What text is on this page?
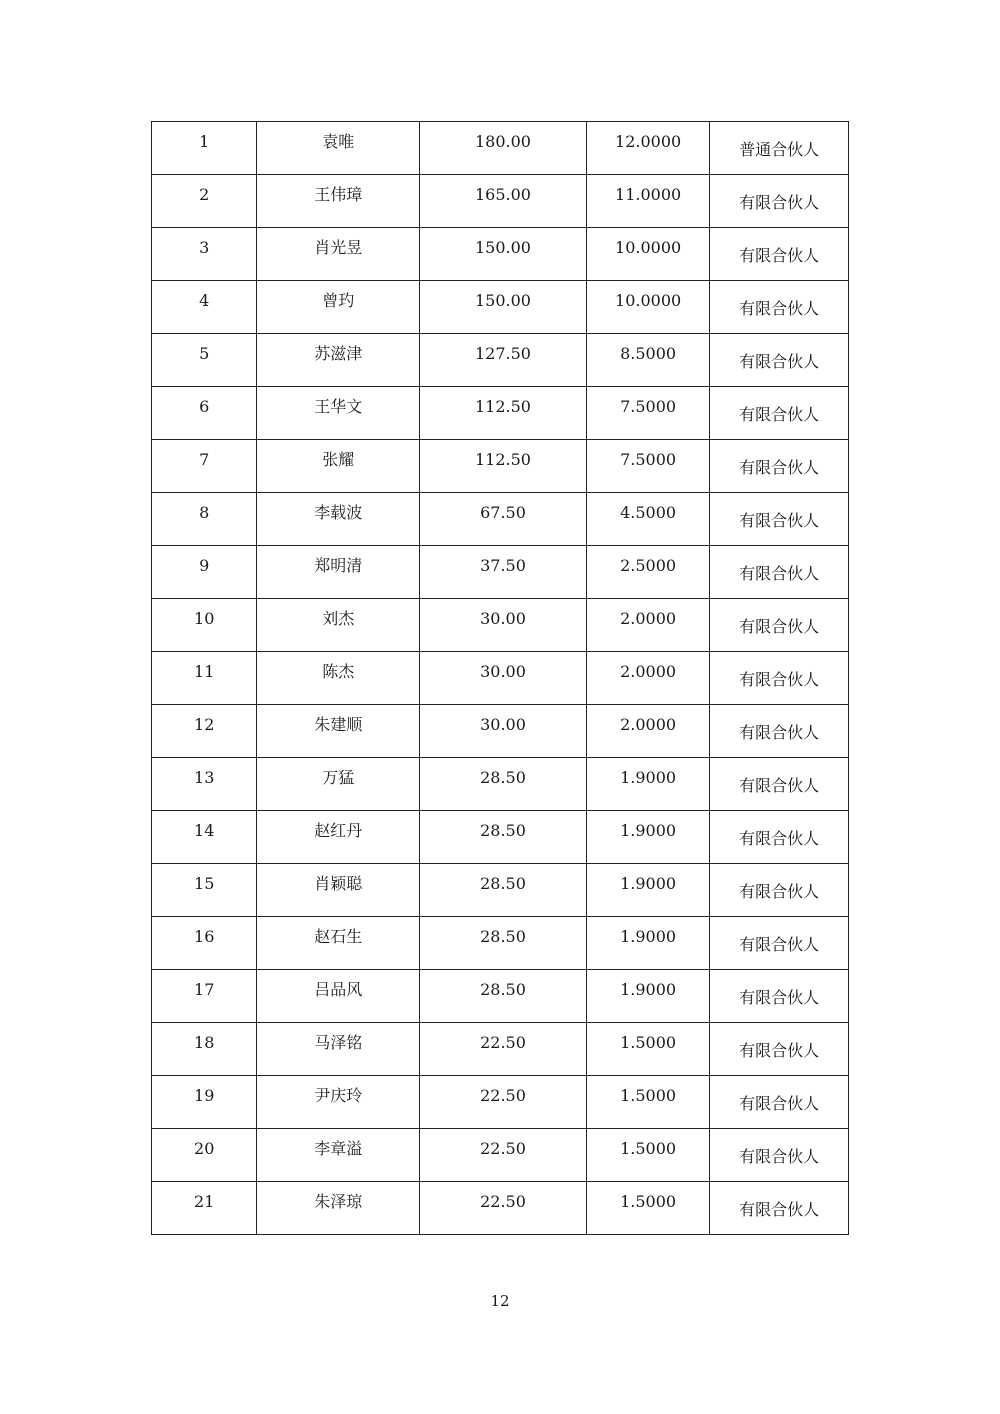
1	袁唯	180.00	12.0000	普通合伙人
2	王伟璋	165.00	11.0000	有限合伙人
3	肖光昱	150.00	10.0000	有限合伙人
4	曾玓	150.00	10.0000	有限合伙人
5	苏滋津	127.50	8.5000	有限合伙人
6	王华文	112.50	7.5000	有限合伙人
7	张耀	112.50	7.5000	有限合伙人
8	李载波	67.50	4.5000	有限合伙人
9	郑明清	37.50	2.5000	有限合伙人
10	刘杰	30.00	2.0000	有限合伙人
11	陈杰	30.00	2.0000	有限合伙人
12	朱建顺	30.00	2.0000	有限合伙人
13	万猛	28.50	1.9000	有限合伙人
14	赵红丹	28.50	1.9000	有限合伙人
15	肖颖聪	28.50	1.9000	有限合伙人
16	赵石生	28.50	1.9000	有限合伙人
17	吕品风	28.50	1.9000	有限合伙人
18	马泽铭	22.50	1.5000	有限合伙人
19	尹庆玲	22.50	1.5000	有限合伙人
20	李章溢	22.50	1.5000	有限合伙人
21	朱泽琼	22.50	1.5000	有限合伙人
12
